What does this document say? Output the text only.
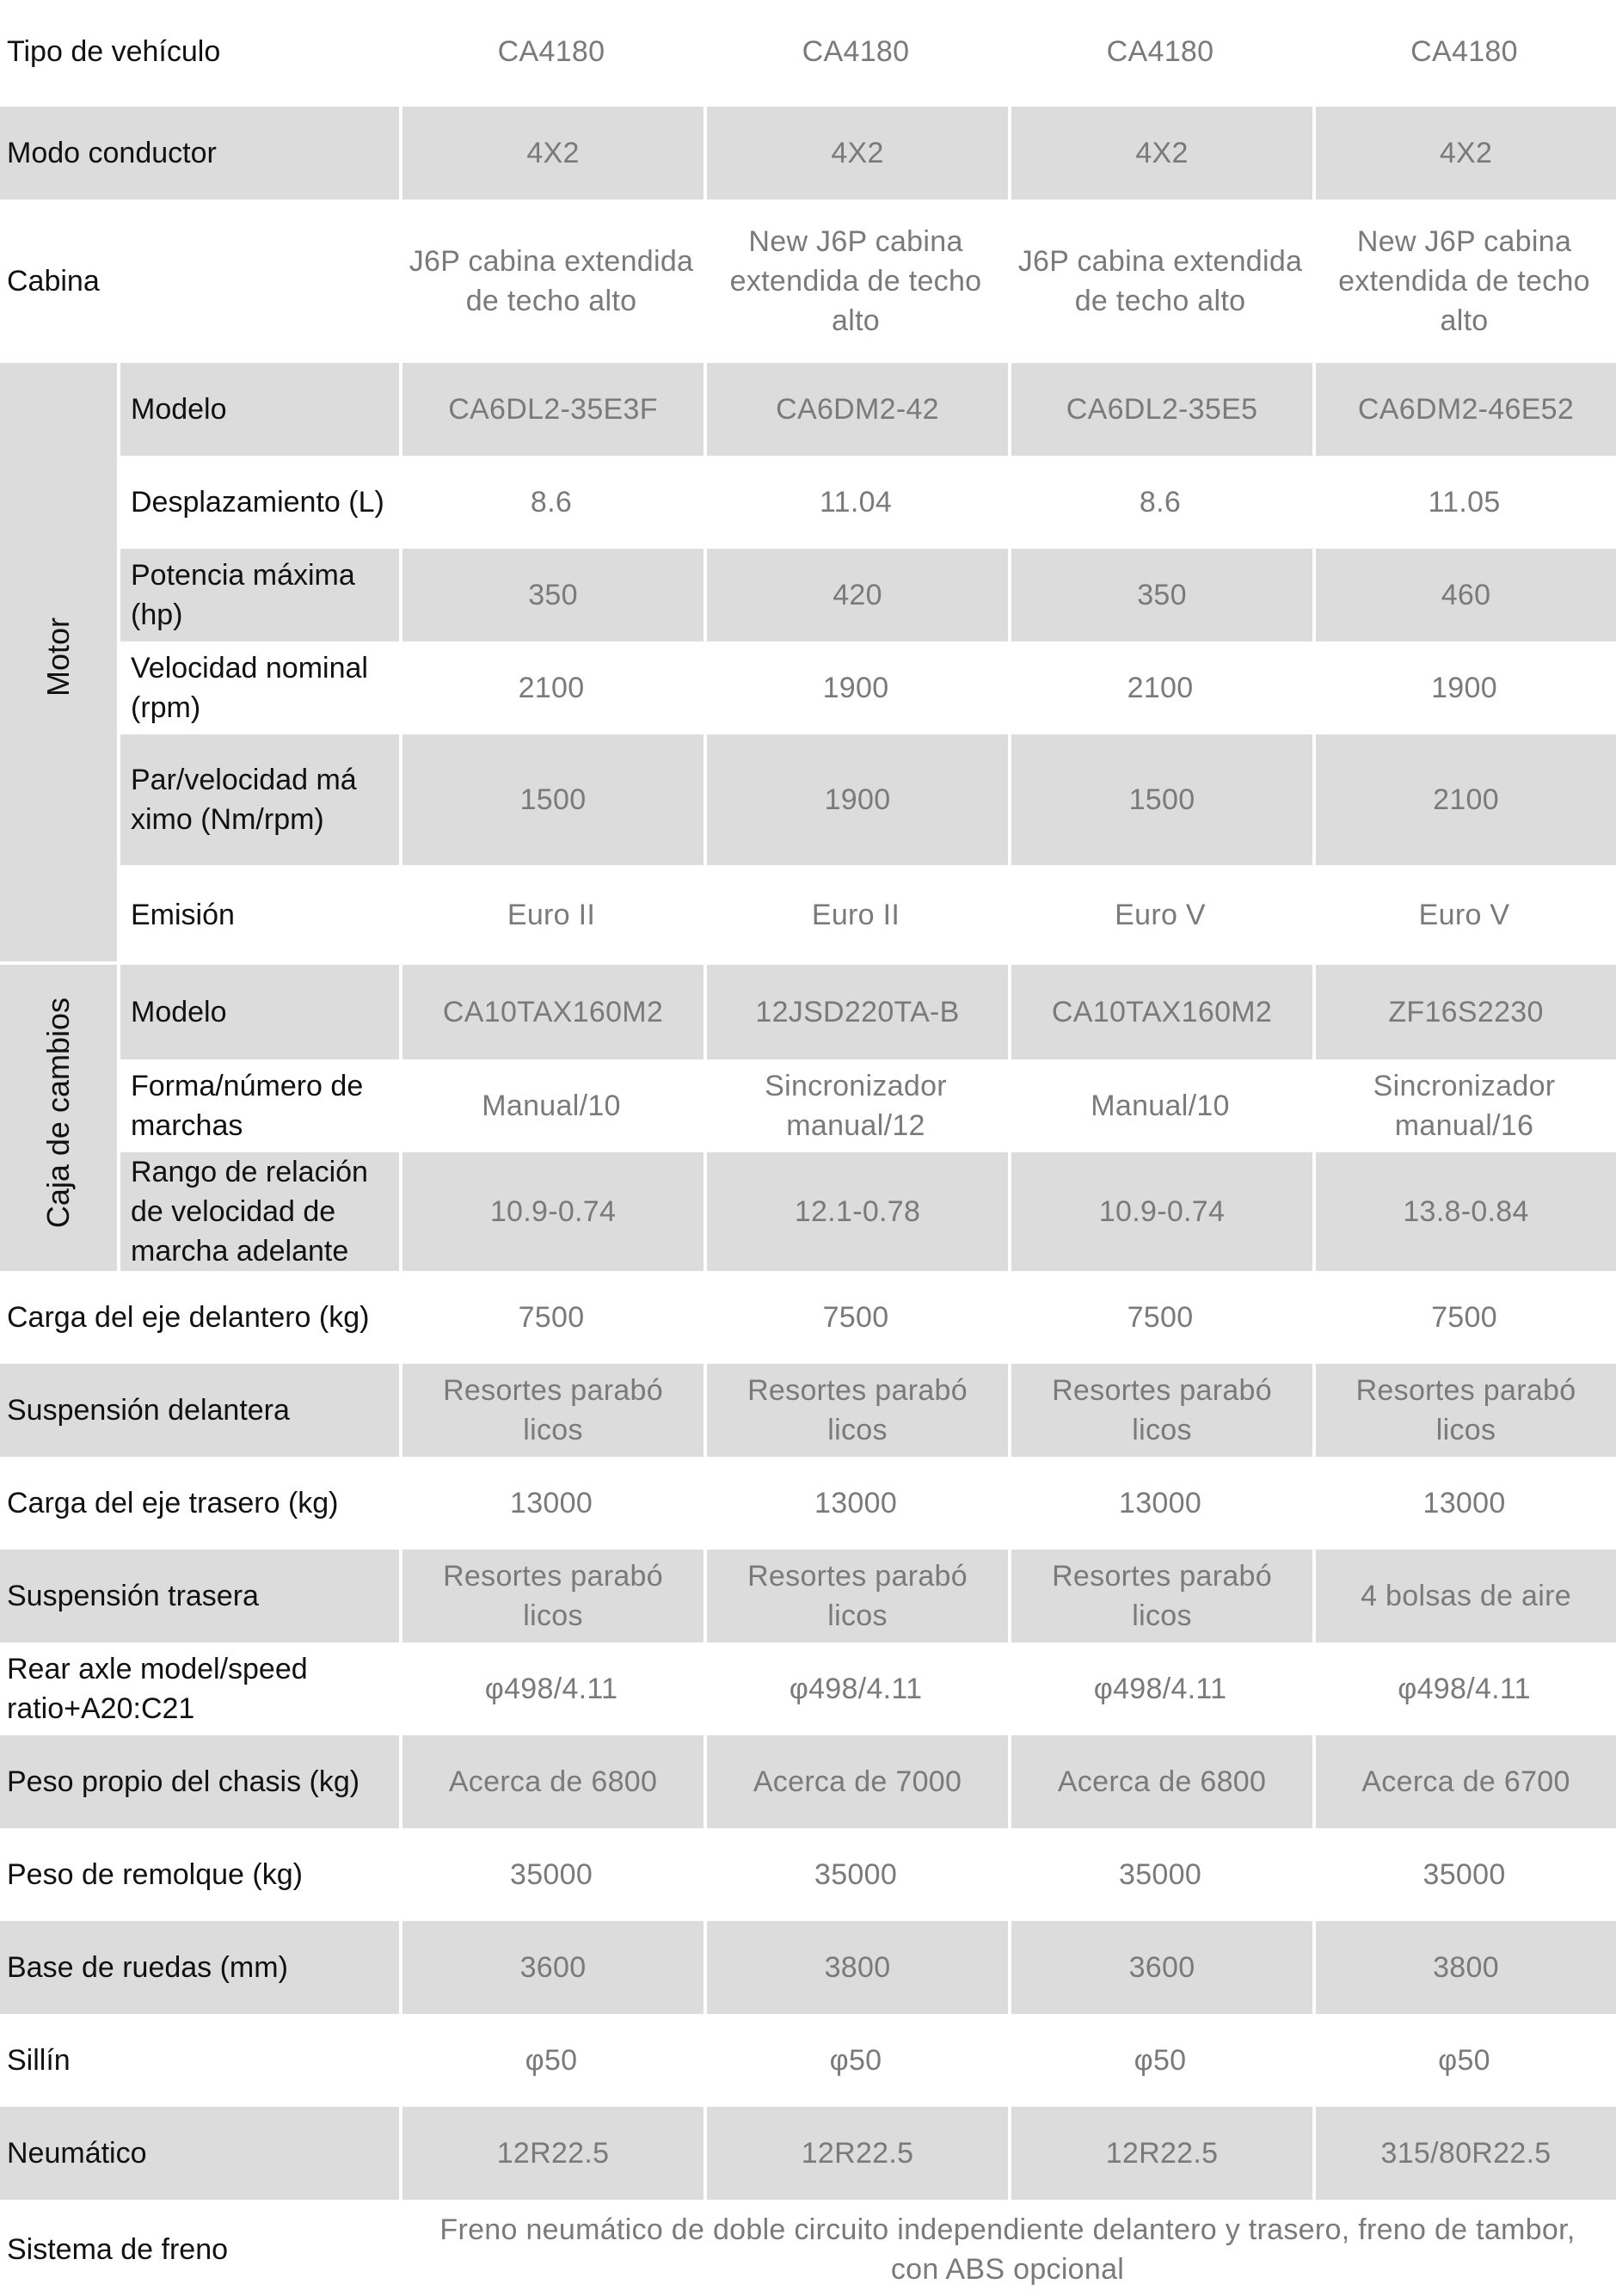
Tipo de vehículo		CA4180	CA4180	CA4180	CA4180
Modo conductor		4X2	4X2	4X2	4X2
Cabina		J6P cabina extendida de techo alto	New J6P cabina extendida de techo alto	J6P cabina extendida de techo alto	New J6P cabina extendida de techo alto
Motor	Modelo	CA6DL2-35E3F	CA6DM2-42	CA6DL2-35E5	CA6DM2-46E52
	Desplazamiento (L)	8.6	11.04	8.6	11.05
	Potencia máxima (hp)	350	420	350	460
	Velocidad nominal (rpm)	2100	1900	2100	1900
	Par/velocidad má ximo (Nm/rpm)	1500	1900	1500	2100
	Emisión	Euro II	Euro II	Euro V	Euro V
Caja de cambios	Modelo	CA10TAX160M2	12JSD220TA-B	CA10TAX160M2	ZF16S2230
	Forma/número de marchas	Manual/10	Sincronizador manual/12	Manual/10	Sincronizador manual/16
	Rango de relación de velocidad de marcha adelante	10.9-0.74	12.1-0.78	10.9-0.74	13.8-0.84
Carga del eje delantero (kg)		7500	7500	7500	7500
Suspensión delantera		Resortes parabó licos	Resortes parabó licos	Resortes parabó licos	Resortes parabó licos
Carga del eje trasero (kg)		13000	13000	13000	13000
Suspensión trasera		Resortes parabó licos	Resortes parabó licos	Resortes parabó licos	4 bolsas de aire
Rear axle model/speed ratio+A20:C21		φ498/4.11	φ498/4.11	φ498/4.11	φ498/4.11
Peso propio del chasis (kg)		Acerca de 6800	Acerca de 7000	Acerca de 6800	Acerca de 6700
Peso de remolque (kg)		35000	35000	35000	35000
Base de ruedas (mm)		3600	3800	3600	3800
Sillín		φ50	φ50	φ50	φ50
Neumático		12R22.5	12R22.5	12R22.5	315/80R22.5
Sistema de freno		Freno neumático de doble circuito independiente delantero y trasero, freno de tambor, con ABS opcional			
